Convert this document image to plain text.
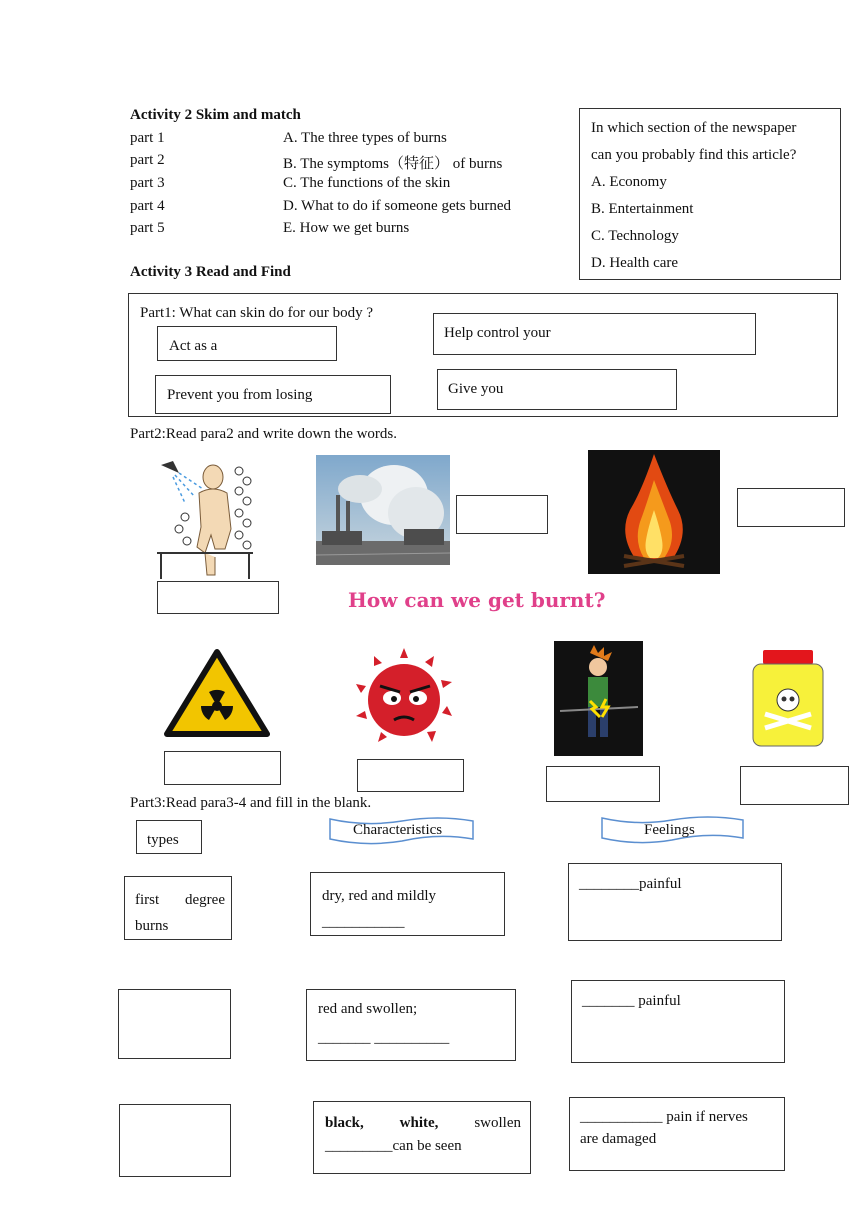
Activity 2 Skim and match
part 1
part 2
part 3
part 4
part 5
A. The three types of burns
B. The symptoms（特征） of burns
C. The functions of the skin
D. What to do if someone gets burned
E. How we get burns
In which section of the newspaper
can you probably find this article?
A. Economy
B. Entertainment
C. Technology
D. Health care
Activity 3 Read and Find
Part1: What can skin do for our body ?
Act as a
Help control your
Prevent you from losing	Give you
Part2:Read para2 and write down the words.
How can we get burnt?
Part3:Read para3-4 and fill in the blank.
types
Characteristics	Feelings
first degree burns
dry, red and mildly ___________
________painful
red and swollen;
_______ __________
_______ painful
black, white, swollen _________can be seen
___________ pain if nerves
are damaged
